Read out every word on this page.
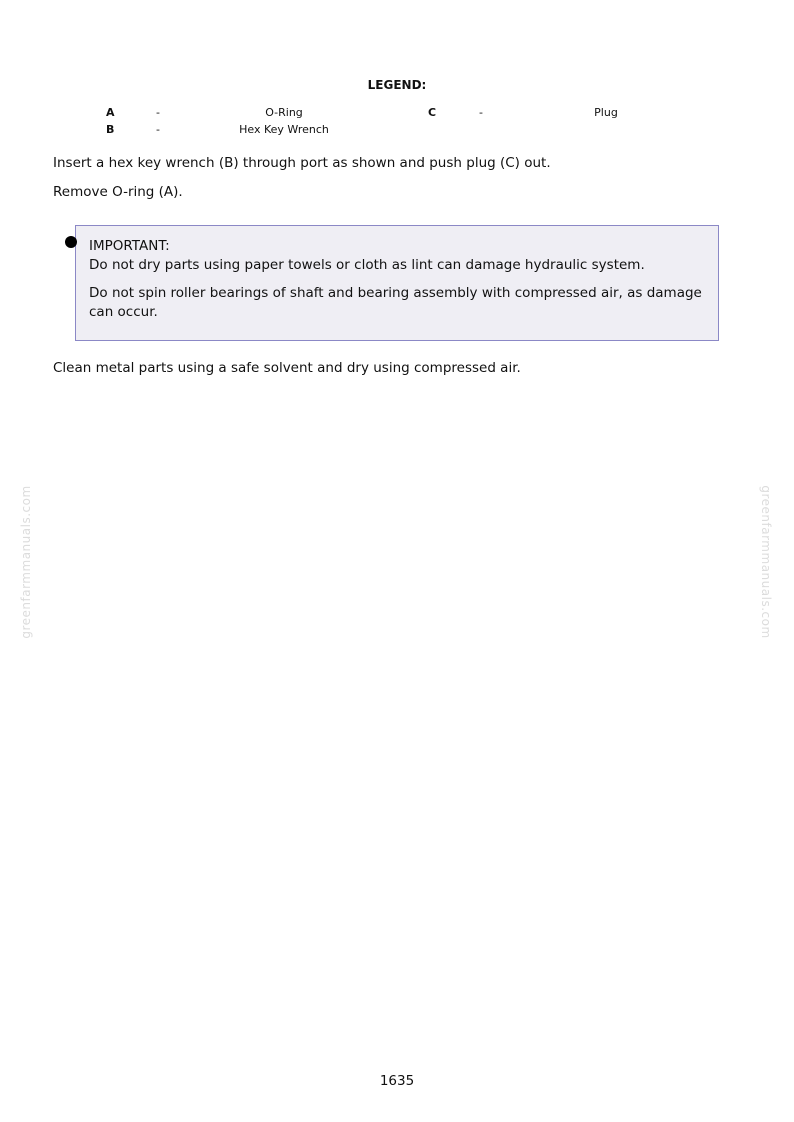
LEGEND:
A	-	O-Ring	C	-	Plug
B	-	Hex Key Wrench

Insert a hex key wrench (B) through port as shown and push plug (C) out.

Remove O-ring (A).

IMPORTANT:

Do not dry parts using paper towels or cloth as lint can damage hydraulic system.

Do not spin roller bearings of shaft and bearing assembly with compressed air, as damage can occur.

Clean metal parts using a safe solvent and dry using compressed air.

greenfarmmanuals.com	greenfarmmanuals.com
1635
